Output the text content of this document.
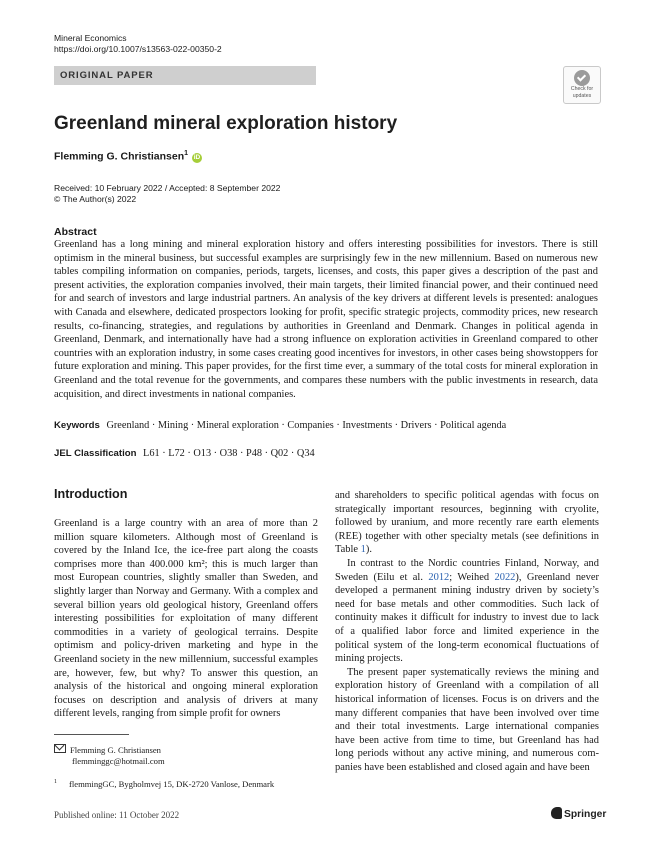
Mineral Economics
https://doi.org/10.1007/s13563-022-00350-2
ORIGINAL PAPER
Check for
updates
Greenland mineral exploration history
Flemming G. Christiansen$^1$ iD
Received: 10 February 2022 / Accepted: 8 September 2022
© The Author(s) 2022
Abstract

Greenland has a long mining and mineral exploration history and offers interesting possibilities for investors. There is still optimism in the mineral business, but successful examples are surprisingly few in the new millennium. Based on numerous new tables compiling information on companies, periods, targets, licenses, and costs, this paper gives a description of the past and present activities, the exploration companies involved, their main targets, their limited financial power, and their continued need for and search of investors and large industrial partners. An analysis of the key drivers at different levels is presented: analogues with Canada and elsewhere, dedicated prospectors looking for profit, specific strategic projects, commodity prices, new research results, co-financing, strategies, and regulations by authorities in Greenland and Denmark. Changes in political agenda in Greenland, Denmark, and internationally have had a strong influence on exploration activities in Greenland compared to other countries with an exploration industry, in some cases creating good incentives for investors, in other cases being showstoppers for future exploration and mining. This paper provides, for the first time ever, a summary of the total costs for mineral exploration in Greenland and the total revenue for the governments, and compares these numbers with the public investments in research, data acquisition, and direct investments in national companies.

Keywords Greenland · Mining · Mineral exploration · Companies · Investments · Drivers · Political agenda
JEL Classification L61 · L72 · O13 · O38 · P48 · Q02 · Q34
Introduction

Greenland is a large country with an area of more than 2 million square kilometers. Although most of Greenland is covered by the Inland Ice, the ice-free part along the coasts comprises more than 400.000 km²; this is much larger than most European countries, slightly smaller than Sweden, and slightly larger than Norway and Germany. With a complex and several billion years old geological history, Greenland offers interesting possibilities for exploitation of many different commodities in a variety of geological terrains. Despite optimism and policy-driven marketing and hype in the Greenland society in the new millennium, successful examples are, however, few, but why? To answer this question, an analysis of the historical and ongoing mineral exploration focuses on description and analysis of drivers at many different levels, ranging from simple profit for owners

and shareholders to specific political agendas with focus on strategically important resources, beginning with cryolite, followed by uranium, and more recently rare earth elements (REE) together with other specialty metals (see definitions in Table 1).

In contrast to the Nordic countries Finland, Norway, and Sweden (Eilu et al. 2012; Weihed 2022), Greenland never developed a permanent mining industry driven by society’s need for base metals and other commodities. Such lack of continuity makes it difficult for industry to invest due to lack of a qualified labor force and limited experience in the political system of the long-term economical fluctuations of mining projects.

The present paper systematically reviews the mining and exploration history of Greenland with a compilation of all historical information of licenses. Focus is on drivers and the many different companies that have been involved over time and their total investments. Large international companies have been active from time to time, but Greenland has had long periods without any active mining, and numerous companies have been established and closed again and have been

Flemming G. Christiansen
flemminggc@hotmail.com
$^1$ flemmingGC, Bygholmvej 15, DK-2720 Vanlose, Denmark
Published online: 11 October 2022	Springer
